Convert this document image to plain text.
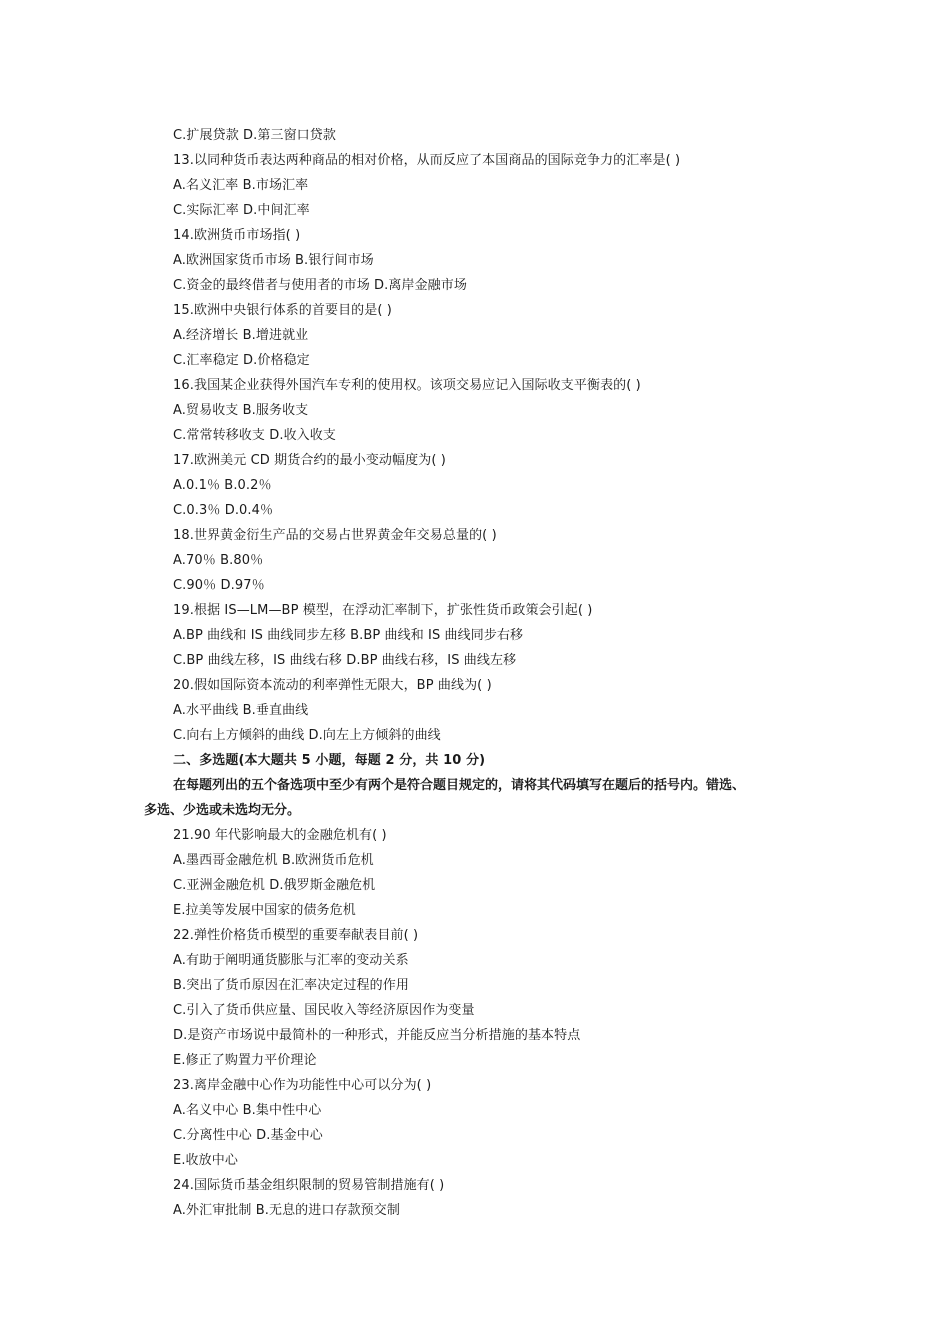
C.扩展贷款 D.第三窗口贷款
13.以同种货币表达两种商品的相对价格，从而反应了本国商品的国际竞争力的汇率是( )
A.名义汇率 B.市场汇率
C.实际汇率 D.中间汇率
14.欧洲货币市场指( )
A.欧洲国家货币市场 B.银行间市场
C.资金的最终借者与使用者的市场 D.离岸金融市场
15.欧洲中央银行体系的首要目的是( )
A.经济增长 B.增进就业
C.汇率稳定 D.价格稳定
16.我国某企业获得外国汽车专利的使用权。该项交易应记入国际收支平衡表的( )
A.贸易收支 B.服务收支
C.常常转移收支 D.收入收支
17.欧洲美元 CD 期货合约的最小变动幅度为( )
A.0.1％ B.0.2％
C.0.3％ D.0.4％
18.世界黄金衍生产品的交易占世界黄金年交易总量的( )
A.70％ B.80％
C.90％ D.97％
19.根据 IS—LM—BP 模型，在浮动汇率制下，扩张性货币政策会引起( )
A.BP 曲线和 IS 曲线同步左移 B.BP 曲线和 IS 曲线同步右移
C.BP 曲线左移，IS 曲线右移 D.BP 曲线右移，IS 曲线左移
20.假如国际资本流动的利率弹性无限大，BP 曲线为( )
A.水平曲线 B.垂直曲线
C.向右上方倾斜的曲线 D.向左上方倾斜的曲线
二、多选题(本大题共 5 小题，每题 2 分，共 10 分)
在每题列出的五个备选项中至少有两个是符合题目规定的，请将其代码填写在题后的括号内。错选、
多选、少选或未选均无分。
21.90 年代影响最大的金融危机有( )
A.墨西哥金融危机 B.欧洲货币危机
C.亚洲金融危机 D.俄罗斯金融危机
E.拉美等发展中国家的债务危机
22.弹性价格货币模型的重要奉献表目前( )
A.有助于阐明通货膨胀与汇率的变动关系
B.突出了货币原因在汇率决定过程的作用
C.引入了货币供应量、国民收入等经济原因作为变量
D.是资产市场说中最简朴的一种形式，并能反应当分析措施的基本特点
E.修正了购置力平价理论
23.离岸金融中心作为功能性中心可以分为( )
A.名义中心 B.集中性中心
C.分离性中心 D.基金中心
E.收放中心
24.国际货币基金组织限制的贸易管制措施有( )
A.外汇审批制 B.无息的进口存款预交制
